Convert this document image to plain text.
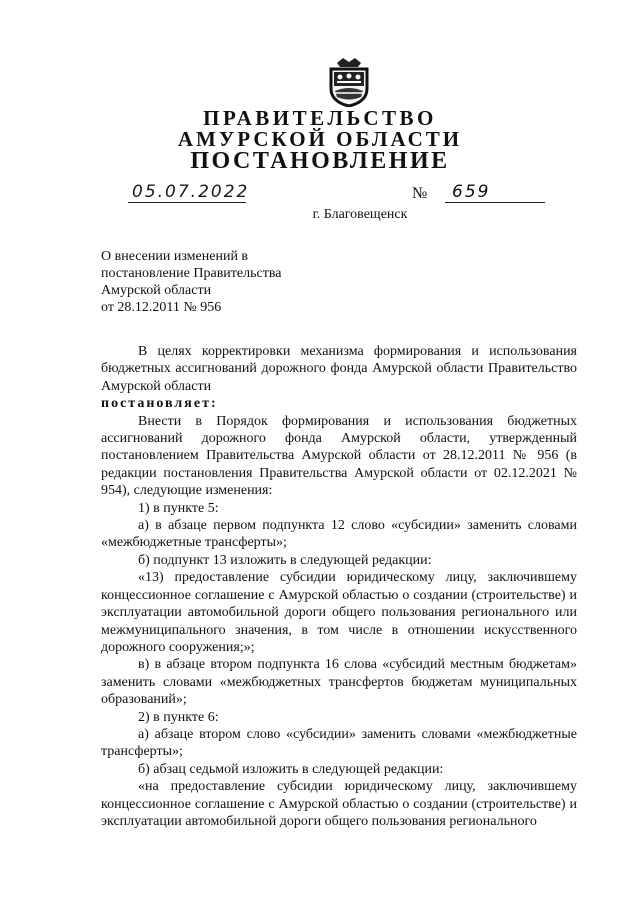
ПРАВИТЕЛЬСТВО
АМУРСКОЙ ОБЛАСТИ
ПОСТАНОВЛЕНИЕ
05.07.2022	№ 659
г. Благовещенск
О внесении изменений в
постановление Правительства
Амурской области
от 28.12.2011 № 956
В целях корректировки механизма формирования и использования бюджетных ассигнований дорожного фонда Амурской области Правительство Амурской области
постановляет:
Внести в Порядок формирования и использования бюджетных ассигнований дорожного фонда Амурской области, утвержденный постановлением Правительства Амурской области от 28.12.2011 № 956 (в редакции постановления Правительства Амурской области от 02.12.2021 № 954), следующие изменения:
1) в пункте 5:
а) в абзаце первом подпункта 12 слово «субсидии» заменить словами «межбюджетные трансферты»;
б) подпункт 13 изложить в следующей редакции:
«13) предоставление субсидии юридическому лицу, заключившему концессионное соглашение с Амурской областью о создании (строительстве) и эксплуатации автомобильной дороги общего пользования регионального или межмуниципального значения, в том числе в отношении искусственного дорожного сооружения;»;
в) в абзаце втором подпункта 16 слова «субсидий местным бюджетам» заменить словами «межбюджетных трансфертов бюджетам муниципальных образований»;
2) в пункте 6:
а) абзаце втором слово «субсидии» заменить словами «межбюджетные трансферты»;
б) абзац седьмой изложить в следующей редакции:
«на предоставление субсидии юридическому лицу, заключившему концессионное соглашение с Амурской областью о создании (строительстве) и эксплуатации автомобильной дороги общего пользования регионального
